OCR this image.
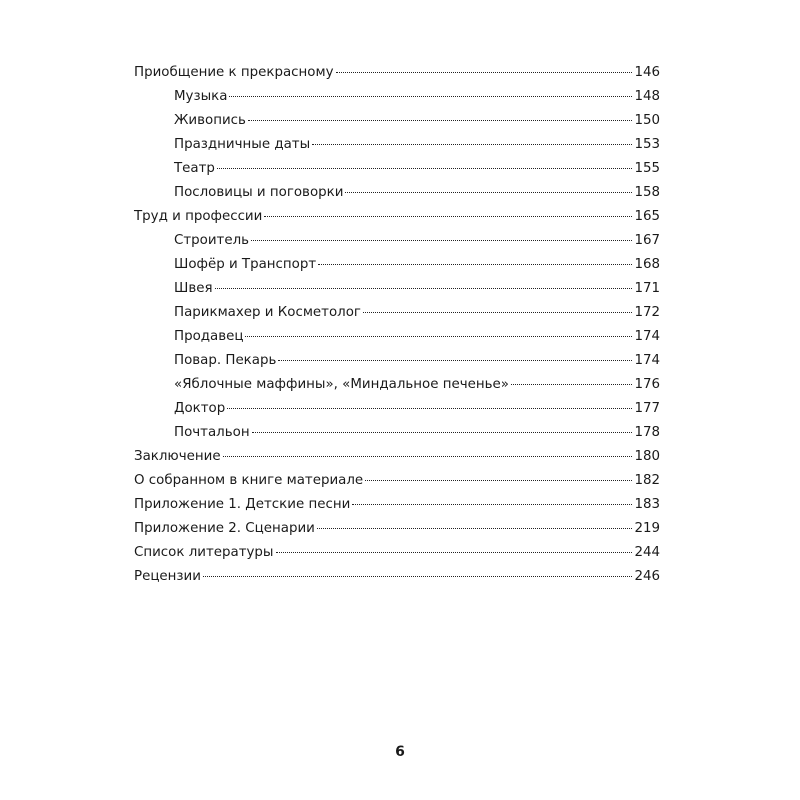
Приобщение к прекрасному	146
Музыка	148
Живопись	150
Праздничные даты	153
Театр	155
Пословицы и поговорки	158
Труд и профессии	165
Строитель	167
Шофёр и Транспорт	168
Швея	171
Парикмахер и Косметолог	172
Продавец	174
Повар. Пекарь	174
«Яблочные маффины», «Миндальное печенье»	176
Доктор	177
Почтальон	178
Заключение	180
О собранном в книге материале	182
Приложение 1. Детские песни	183
Приложение 2. Сценарии	219
Список литературы	244
Рецензии	246
6
